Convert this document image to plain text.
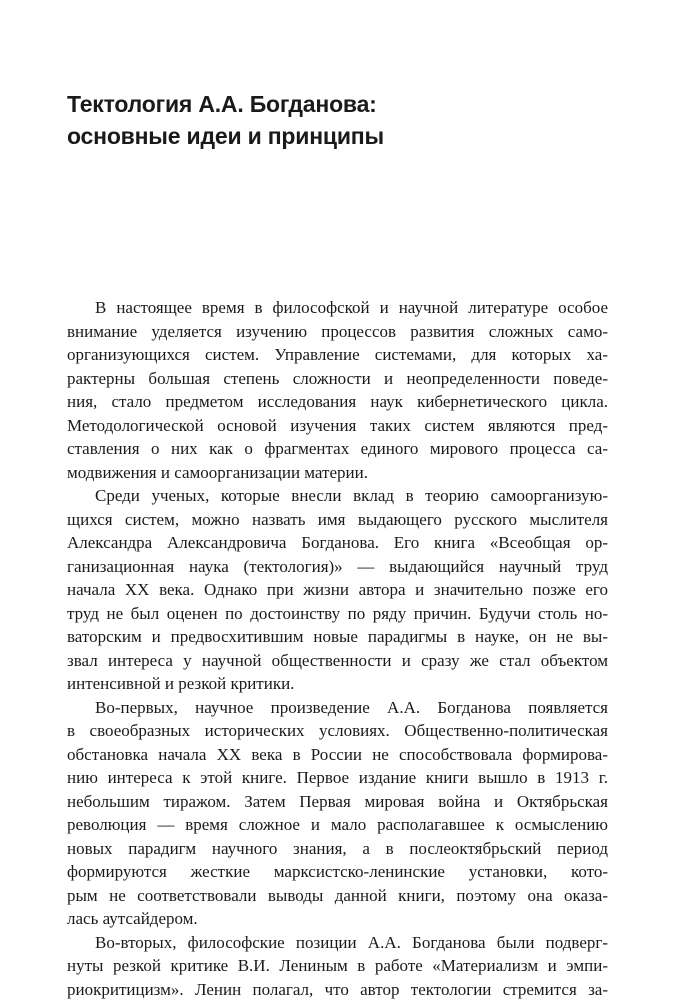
Тектология А.А. Богданова:
основные идеи и принципы
В настоящее время в философской и научной литературе особое
внимание уделяется изучению процессов развития сложных само-
организующихся систем. Управление системами, для которых ха-
рактерны большая степень сложности и неопределенности поведе-
ния, стало предметом исследования наук кибернетического цикла.
Методологической основой изучения таких систем являются пред-
ставления о них как о фрагментах единого мирового процесса са-
модвижения и самоорганизации материи.
Среди ученых, которые внесли вклад в теорию самоорганизую-
щихся систем, можно назвать имя выдающего русского мыслителя
Александра Александровича Богданова. Его книга «Всеобщая ор-
ганизационная наука (тектология)» — выдающийся научный труд
начала XX века. Однако при жизни автора и значительно позже его
труд не был оценен по достоинству по ряду причин. Будучи столь но-
ваторским и предвосхитившим новые парадигмы в науке, он не вы-
звал интереса у научной общественности и сразу же стал объектом
интенсивной и резкой критики.
Во-первых, научное произведение А.А. Богданова появляется
в своеобразных исторических условиях. Общественно-политическая
обстановка начала XX века в России не способствовала формирова-
нию интереса к этой книге. Первое издание книги вышло в 1913 г.
небольшим тиражом. Затем Первая мировая война и Октябрьская
революция — время сложное и мало располагавшее к осмыслению
новых парадигм научного знания, а в послеоктябрьский период
формируются жесткие марксистско-ленинские установки, кото-
рым не соответствовали выводы данной книги, поэтому она оказа-
лась аутсайдером.
Во-вторых, философские позиции А.А. Богданова были подверг-
нуты резкой критике В.И. Лениным в работе «Материализм и эмпи-
риокритицизм». Ленин полагал, что автор тектологии стремится за-
